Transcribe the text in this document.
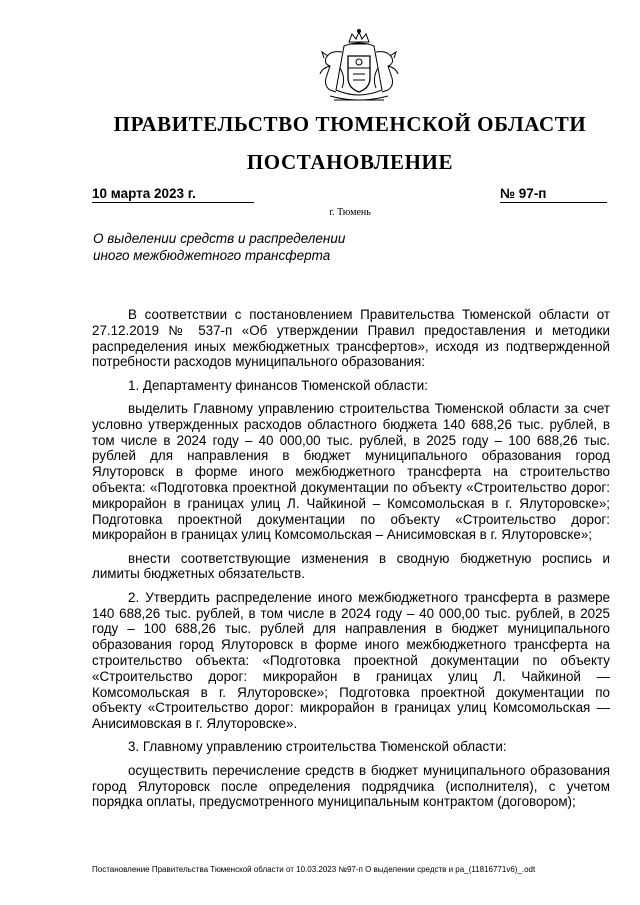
ПРАВИТЕЛЬСТВО ТЮМЕНСКОЙ ОБЛАСТИ
ПОСТАНОВЛЕНИЕ
10 марта 2023 г.	№ 97-п
г. Тюмень
О выделении средств и распределении
иного межбюджетного трансферта

В соответствии с постановлением Правительства Тюменской области от 27.12.2019 № 537-п «Об утверждении Правил предоставления и методики распределения иных межбюджетных трансфертов», исходя из подтвержденной потребности расходов муниципального образования:

1. Департаменту финансов Тюменской области:

выделить Главному управлению строительства Тюменской области за счет условно утвержденных расходов областного бюджета 140 688,26 тыс. рублей, в том числе в 2024 году – 40 000,00 тыс. рублей, в 2025 году – 100 688,26 тыс. рублей для направления в бюджет муниципального образования город Ялуторовск в форме иного межбюджетного трансферта на строительство объекта: «Подготовка проектной документации по объекту «Строительство дорог: микрорайон в границах улиц Л. Чайкиной – Комсомольская в г. Ялуторовске»; Подготовка проектной документации по объекту «Строительство дорог: микрорайон в границах улиц Комсомольская – Анисимовская в г. Ялуторовске»;

внести соответствующие изменения в сводную бюджетную роспись и лимиты бюджетных обязательств.

2. Утвердить распределение иного межбюджетного трансферта в размере 140 688,26 тыс. рублей, в том числе в 2024 году – 40 000,00 тыс. рублей, в 2025 году – 100 688,26 тыс. рублей для направления в бюджет муниципального образования город Ялуторовск в форме иного межбюджетного трансферта на строительство объекта: «Подготовка проектной документации по объекту «Строительство дорог: микрорайон в границах улиц Л. Чайкиной — Комсомольская в г. Ялуторовске»; Подготовка проектной документации по объекту «Строительство дорог: микрорайон в границах улиц Комсомольская — Анисимовская в г. Ялуторовске».

3. Главному управлению строительства Тюменской области:

осуществить перечисление средств в бюджет муниципального образования город Ялуторовск после определения подрядчика (исполнителя), с учетом порядка оплаты, предусмотренного муниципальным контрактом (договором);

Постановление Правительства Тюменской области от 10.03.2023 №97-п О выделении средств и ра_(11816771v6)_.odt
